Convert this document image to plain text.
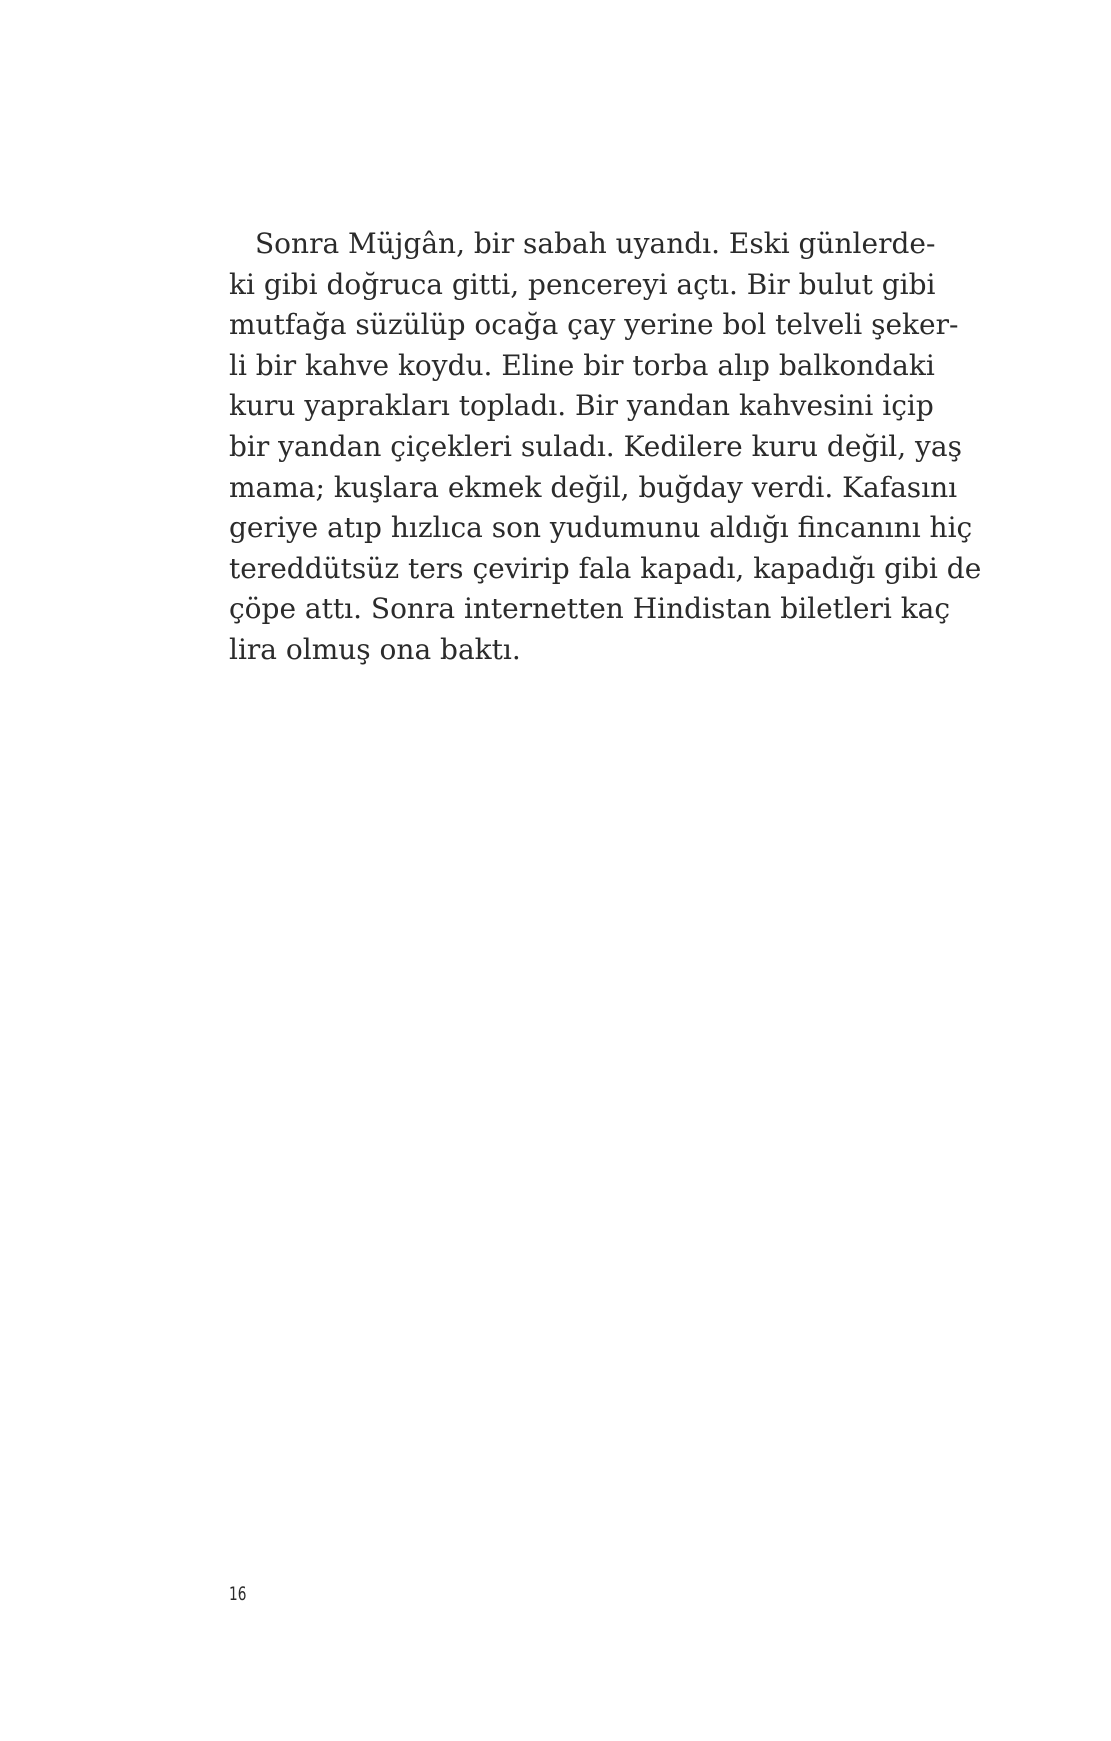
Sonra Müjgân, bir sabah uyandı. Eski günlerde-
ki gibi doğruca gitti, pencereyi açtı. Bir bulut gibi
mutfağa süzülüp ocağa çay yerine bol telveli şeker-
li bir kahve koydu. Eline bir torba alıp balkondaki
kuru yaprakları topladı. Bir yandan kahvesini içip
bir yandan çiçekleri suladı. Kedilere kuru değil, yaş
mama; kuşlara ekmek değil, buğday verdi. Kafasını
geriye atıp hızlıca son yudumunu aldığı fincanını hiç
tereddütsüz ters çevirip fala kapadı, kapadığı gibi de
çöpe attı. Sonra internetten Hindistan biletleri kaç
lira olmuş ona baktı.
16
